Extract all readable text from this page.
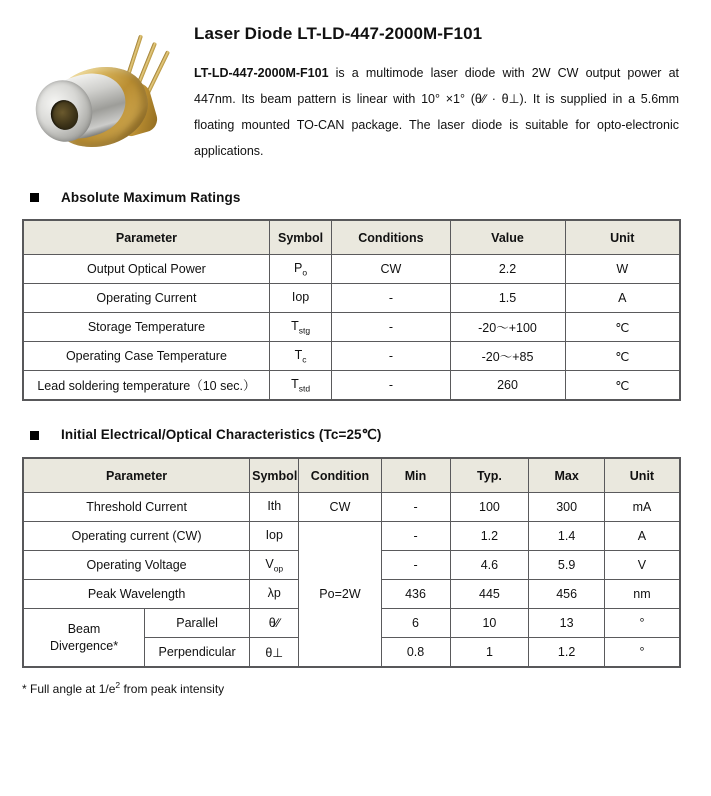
Laser Diode LT-LD-447-2000M-F101

LT-LD-447-2000M-F101 is a multimode laser diode with 2W CW output power at 447nm. Its beam pattern is linear with 10° ×1° (θ∕∕ · θ⊥). It is supplied in a 5.6mm floating mounted TO-CAN package. The laser diode is suitable for opto-electronic applications.

Absolute Maximum Ratings
Parameter	Symbol	Conditions	Value	Unit
Output Optical Power	$P_o$	CW	2.2	W
Operating Current	Iop	-	1.5	A
Storage Temperature	$T_{stg}$	-	-20～+100	℃
Operating Case Temperature	$T_c$	-	-20～+85	℃
Lead soldering temperature（10 sec.）	$T_{std}$	-	260	℃
Initial Electrical/Optical Characteristics (Tc=25℃)
Parameter		Symbol	Condition	Min	Typ.	Max	Unit
Threshold Current		Ith	CW	-	100	300	mA
Operating current (CW)		Iop	Po=2W	-	1.2	1.4	A
Operating Voltage		$V_{op}$		-	4.6	5.9	V
Peak Wavelength		λp		436	445	456	nm
Beam
Divergence*	Parallel	θ∕∕		6	10	13	°
	Perpendicular	θ⊥		0.8	1	1.2	°
* Full angle at $1/e^2$ from peak intensity
